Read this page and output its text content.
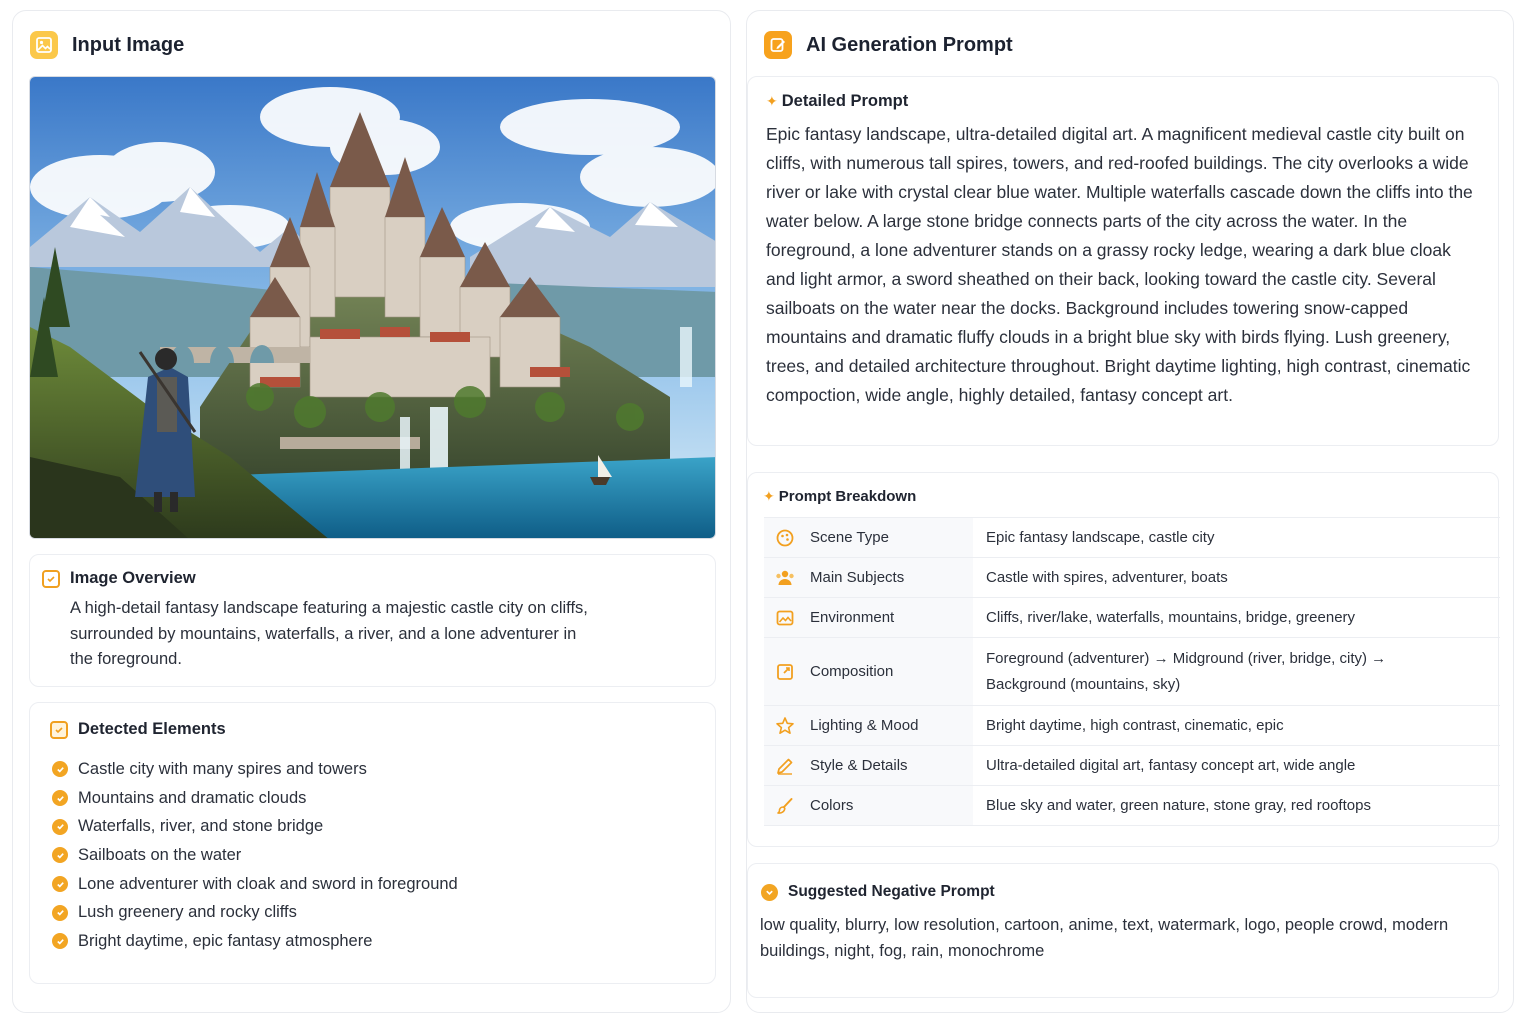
Input Image
Image Overview
A high-detail fantasy landscape featuring a majestic castle city on cliffs, surrounded by mountains, waterfalls, a river, and a lone adventurer in the foreground.
Detected Elements
Castle city with many spires and towers
Mountains and dramatic clouds
Waterfalls, river, and stone bridge
Sailboats on the water
Lone adventurer with cloak and sword in foreground
Lush greenery and rocky cliffs
Bright daytime, epic fantasy atmosphere
AI Generation Prompt
✦ Detailed Prompt
Epic fantasy landscape, ultra-detailed digital art. A magnificent medieval castle city built on cliffs, with numerous tall spires, towers, and red-roofed buildings. The city overlooks a wide river or lake with crystal clear blue water. Multiple waterfalls cascade down the cliffs into the water below. A large stone bridge connects parts of the city across the water. In the foreground, a lone adventurer stands on a grassy rocky ledge, wearing a dark blue cloak and light armor, a sword sheathed on their back, looking toward the castle city. Several sailboats on the water near the docks. Background includes towering snow-capped mountains and dramatic fluffy clouds in a bright blue sky with birds flying. Lush greenery, trees, and detailed architecture throughout. Bright daytime lighting, high contrast, cinematic compoction, wide angle, highly detailed, fantasy concept art.
✦ Prompt Breakdown
Scene Type	Epic fantasy landscape, castle city

Main Subjects	Castle with spires, adventurer, boats

Environment	Cliffs, river/lake, waterfalls, mountains, bridge, greenery

Composition	Foreground (adventurer) → Midground (river, bridge, city) → Background (mountains, sky)

Lighting & Mood	Bright daytime, high contrast, cinematic, epic

Style & Details	Ultra-detailed digital art, fantasy concept art, wide angle

Colors	Blue sky and water, green nature, stone gray, red rooftops
Suggested Negative Prompt
low quality, blurry, low resolution, cartoon, anime, text, watermark, logo, people crowd, modern buildings, night, fog, rain, monochrome
